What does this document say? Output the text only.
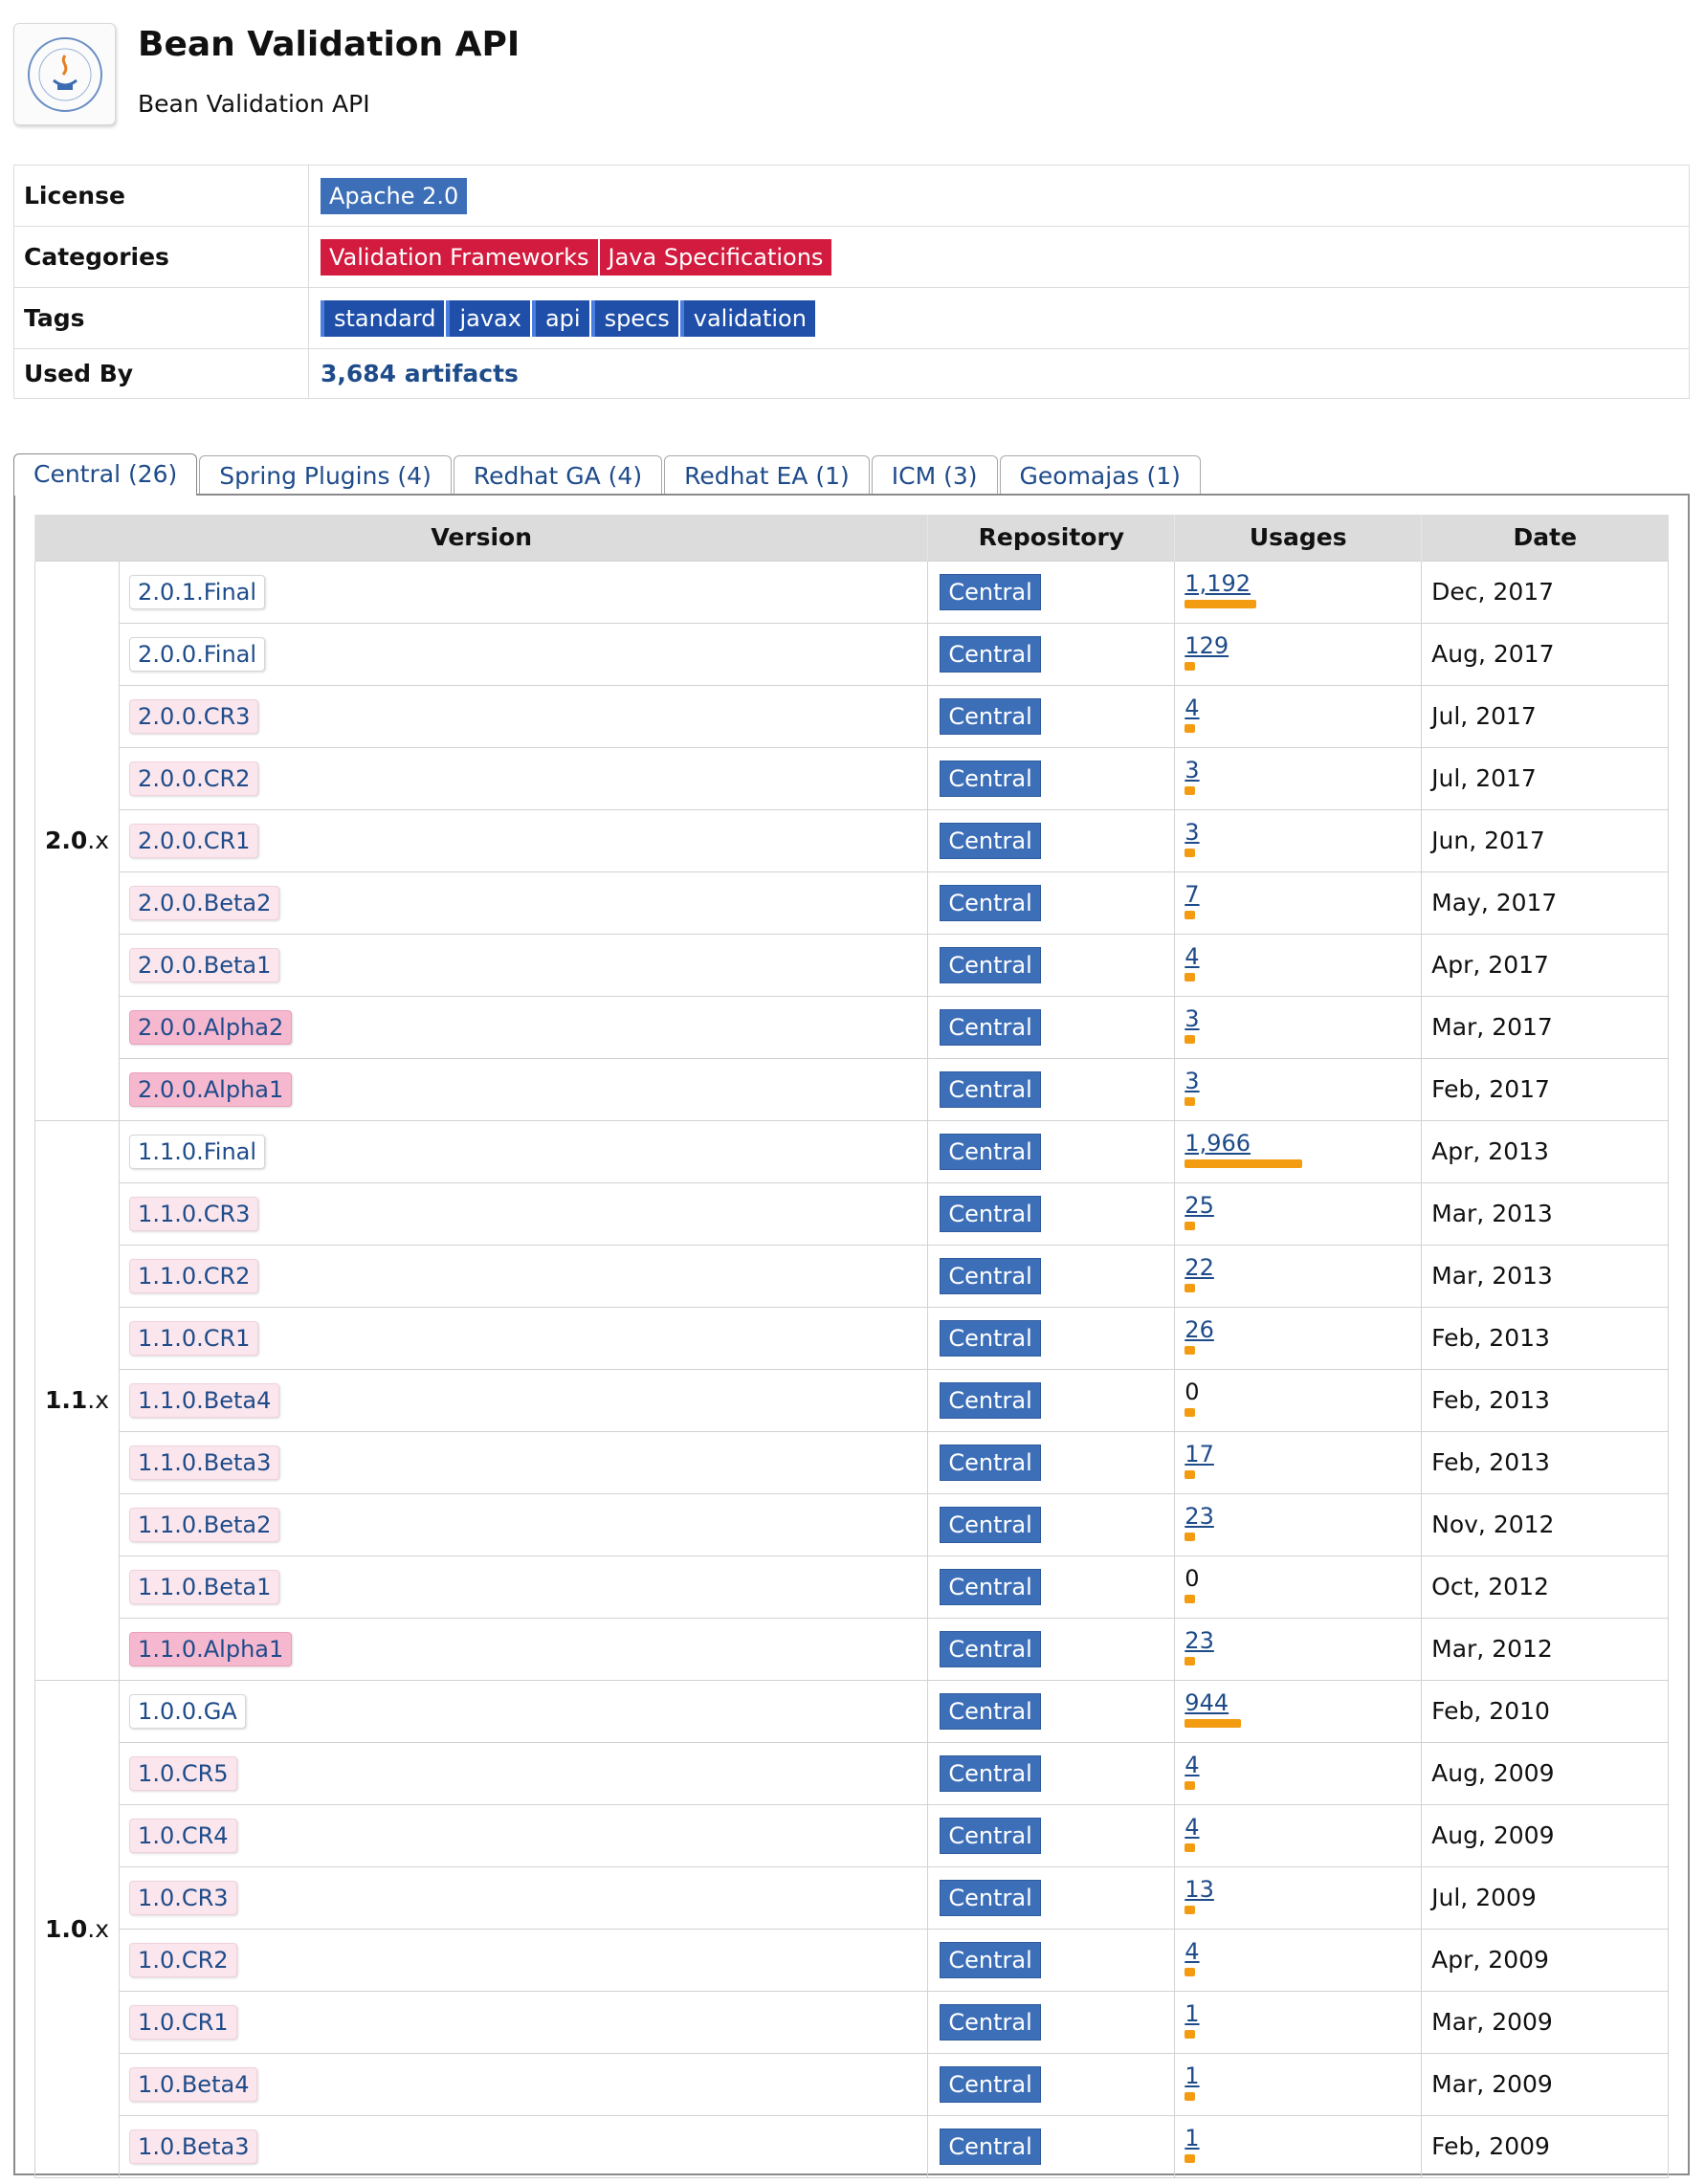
Bean Validation API
Bean Validation API
License	Apache 2.0
Categories	Validation Frameworks Java Specifications
Tags	standard javax api specs validation
Used By	3,684 artifacts
Central (26) Spring Plugins (4) Redhat GA (4) Redhat EA (1) ICM (3) Geomajas (1)
Version		Repository	Usages	Date
2.0.x	2.0.1.Final	Central	1,192	Dec, 2017
	2.0.0.Final	Central	129	Aug, 2017
	2.0.0.CR3	Central	4	Jul, 2017
	2.0.0.CR2	Central	3	Jul, 2017
	2.0.0.CR1	Central	3	Jun, 2017
	2.0.0.Beta2	Central	7	May, 2017
	2.0.0.Beta1	Central	4	Apr, 2017
	2.0.0.Alpha2	Central	3	Mar, 2017
	2.0.0.Alpha1	Central	3	Feb, 2017
1.1.x	1.1.0.Final	Central	1,966	Apr, 2013
	1.1.0.CR3	Central	25	Mar, 2013
	1.1.0.CR2	Central	22	Mar, 2013
	1.1.0.CR1	Central	26	Feb, 2013
	1.1.0.Beta4	Central	0	Feb, 2013
	1.1.0.Beta3	Central	17	Feb, 2013
	1.1.0.Beta2	Central	23	Nov, 2012
	1.1.0.Beta1	Central	0	Oct, 2012
	1.1.0.Alpha1	Central	23	Mar, 2012
1.0.x	1.0.0.GA	Central	944	Feb, 2010
	1.0.CR5	Central	4	Aug, 2009
	1.0.CR4	Central	4	Aug, 2009
	1.0.CR3	Central	13	Jul, 2009
	1.0.CR2	Central	4	Apr, 2009
	1.0.CR1	Central	1	Mar, 2009
	1.0.Beta4	Central	1	Mar, 2009
	1.0.Beta3	Central	1	Feb, 2009
